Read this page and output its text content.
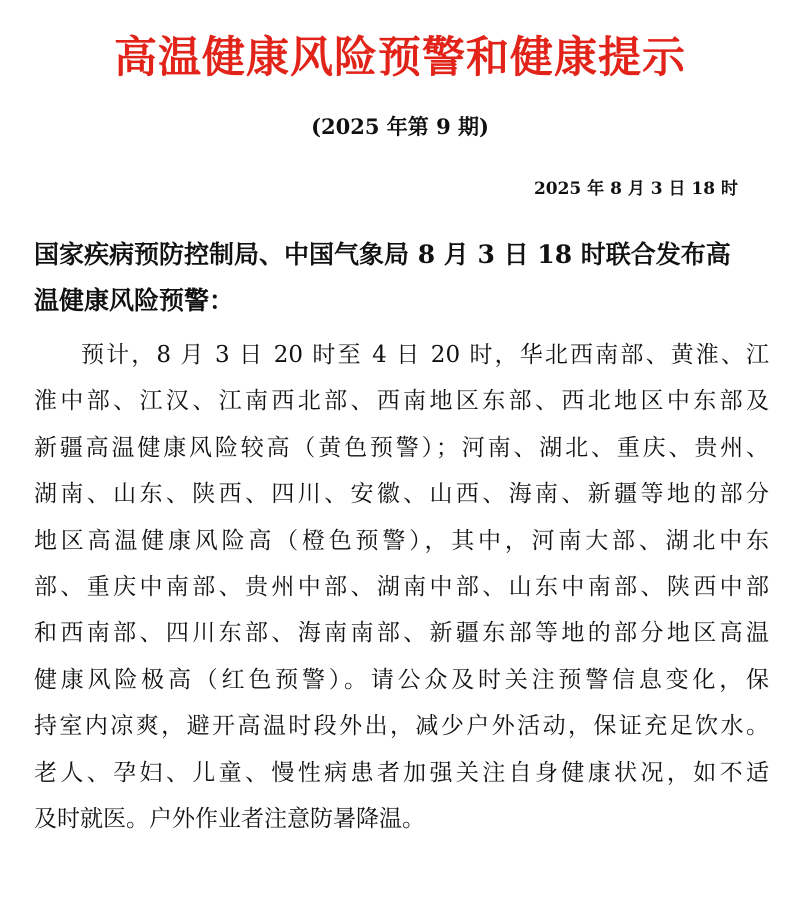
高温健康风险预警和健康提示
(2025 年第 9 期)
2025 年 8 月 3 日 18 时

国家疾病预防控制局、中国气象局 8 月 3 日 18 时联合发布高
温健康风险预警：

预计，8 月 3 日 20 时至 4 日 20 时，华北西南部、黄淮、江
淮中部、江汉、江南西北部、西南地区东部、西北地区中东部及
新疆高温健康风险较高（黄色预警）；河南、湖北、重庆、贵州、
湖南、山东、陕西、四川、安徽、山西、海南、新疆等地的部分
地区高温健康风险高（橙色预警），其中，河南大部、湖北中东
部、重庆中南部、贵州中部、湖南中部、山东中南部、陕西中部
和西南部、四川东部、海南南部、新疆东部等地的部分地区高温
健康风险极高（红色预警）。请公众及时关注预警信息变化，保
持室内凉爽，避开高温时段外出，减少户外活动，保证充足饮水。
老人、孕妇、儿童、慢性病患者加强关注自身健康状况，如不适
及时就医。户外作业者注意防暑降温。
